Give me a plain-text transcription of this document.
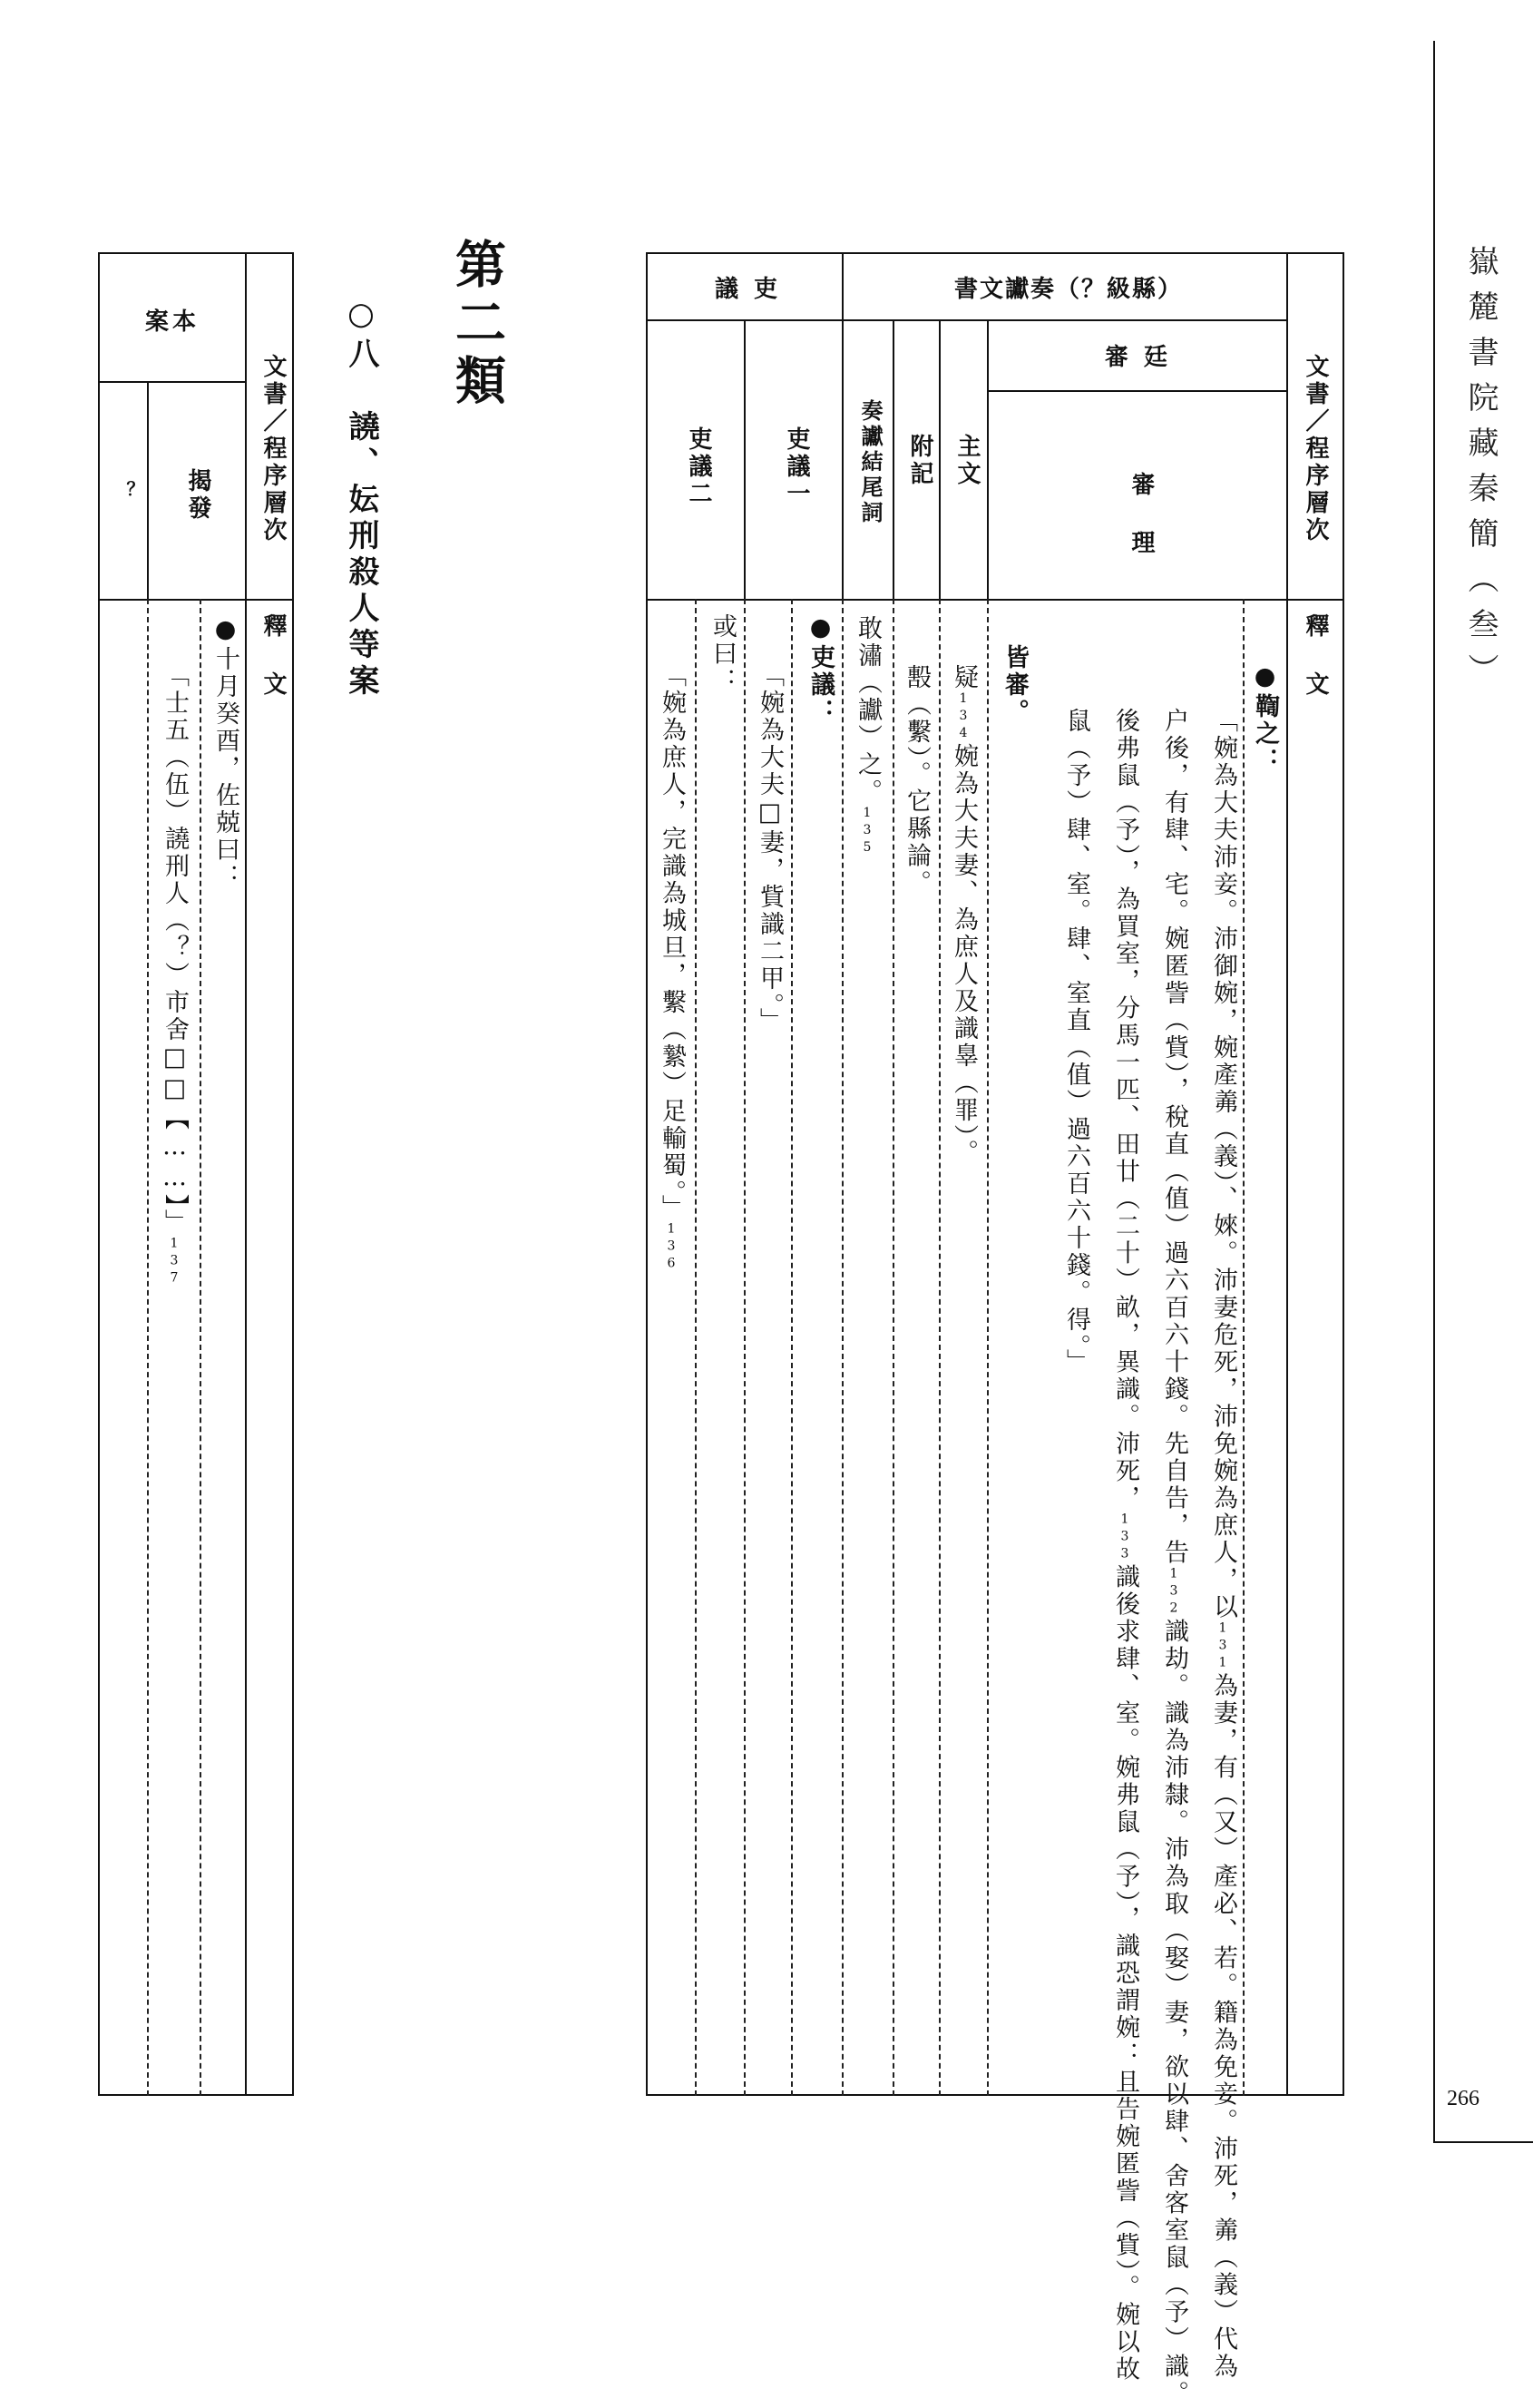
嶽麓書院藏秦簡（叁）
266
文書／程序層次
釋 文
審 廷
書文讞奏（？級縣）
議 吏
審 理
主文
附記
奏讞結尾詞
吏議一
吏議二
●鞫之：
「婉為大夫沛妾。沛御婉，婉產羛（義）、婡。沛妻危死，沛免婉為庶人，以131為妻，有（又）產必、若。籍為免妾。沛死，羛（義）代為
户後，有肆、宅。婉匿訾（貲），稅直（值）過六百六十錢。先自告，告132識劫。識為沛隸。沛為取（娶）妻，欲以肆、舍客室鼠（予）識。
後弗鼠（予），為買室，分馬一匹、田廿（二十）畝，異識。沛死，133識後求肆、室。婉弗鼠（予），識恐謂婉：且告婉匿訾（貲）。婉以故
鼠（予）肆、室。肆、室直（值）過六百六十錢。得。」
皆審。
疑134婉為大夫妻、為庶人及識辠（罪）。
毄（繫）。它縣論。
敢潚（讞）之。135
●吏議：
「婉為大夫□妻，貲識二甲。」
或曰：
「婉為庶人，完識為城旦，繫（縶）足輸蜀。」136
第二類
○八　譊、妘刑殺人等案
文書／程序層次
釋 文
案本
揭發
？
●十月癸酉，佐兢曰：
「士五（伍）譊刑人（？）市舍□□【……】」137
